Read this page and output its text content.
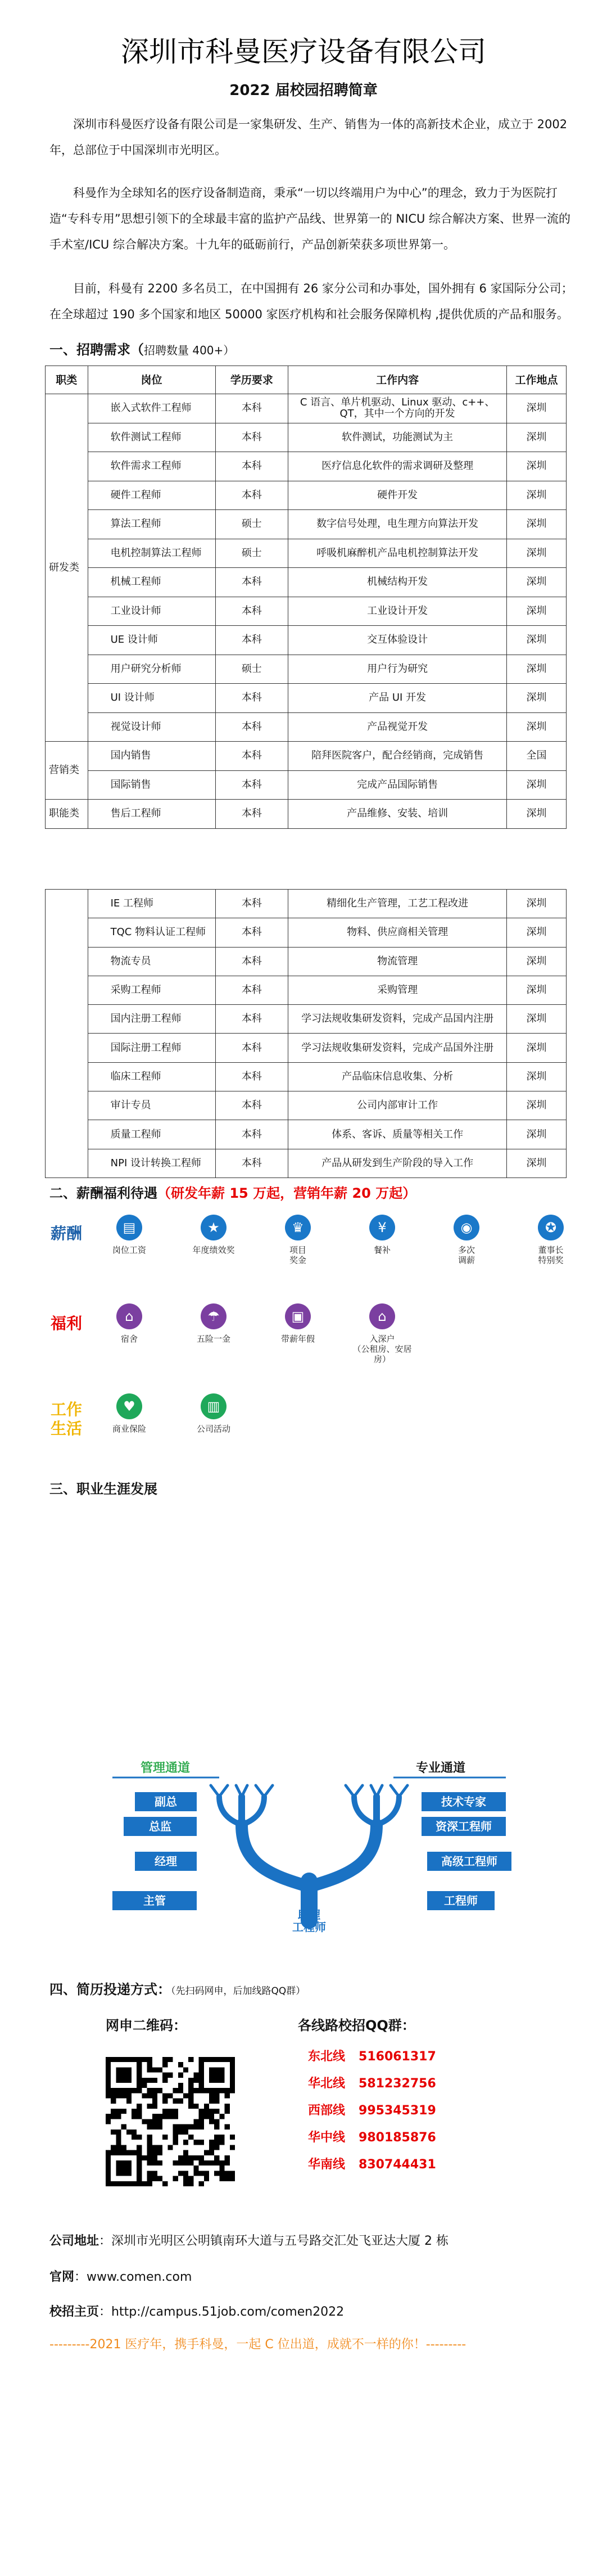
深圳市科曼医疗设备有限公司
2022 届校园招聘简章
深圳市科曼医疗设备有限公司是一家集研发、生产、销售为一体的高新技术企业，成立于 2002 年，总部位于中国深圳市光明区。
科曼作为全球知名的医疗设备制造商，秉承“一切以终端用户为中心”的理念，致力于为医院打造“专科专用”思想引领下的全球最丰富的监护产品线、世界第一的 NICU 综合解决方案、世界一流的手术室/ICU 综合解决方案。十九年的砥砺前行，产品创新荣获多项世界第一。
目前，科曼有 2200 多名员工，在中国拥有 26 家分公司和办事处，国外拥有 6 家国际分公司；在全球超过 190 多个国家和地区 50000 家医疗机构和社会服务保障机构 ,提供优质的产品和服务。
一、招聘需求（招聘数量 400+）
职类	岗位	学历要求	工作内容	工作地点
研发类	嵌入式软件工程师	本科	C 语言、单片机驱动、Linux 驱动、c++、QT，其中一个方向的开发	深圳
	软件测试工程师	本科	软件测试，功能测试为主	深圳
	软件需求工程师	本科	医疗信息化软件的需求调研及整理	深圳
	硬件工程师	本科	硬件开发	深圳
	算法工程师	硕士	数字信号处理，电生理方向算法开发	深圳
	电机控制算法工程师	硕士	呼吸机麻醉机产品电机控制算法开发	深圳
	机械工程师	本科	机械结构开发	深圳
	工业设计师	本科	工业设计开发	深圳
	UE 设计师	本科	交互体验设计	深圳
	用户研究分析师	硕士	用户行为研究	深圳
	UI 设计师	本科	产品 UI 开发	深圳
	视觉设计师	本科	产品视觉开发	深圳
营销类	国内销售	本科	陪拜医院客户，配合经销商，完成销售	全国
	国际销售	本科	完成产品国际销售	深圳
职能类	售后工程师	本科	产品维修、安装、培训	深圳
	IE 工程师	本科	精细化生产管理，工艺工程改进	深圳
	TQC 物料认证工程师	本科	物料、供应商相关管理	深圳
	物流专员	本科	物流管理	深圳
	采购工程师	本科	采购管理	深圳
	国内注册工程师	本科	学习法规收集研发资料，完成产品国内注册	深圳
	国际注册工程师	本科	学习法规收集研发资料，完成产品国外注册	深圳
	临床工程师	本科	产品临床信息收集、分析	深圳
	审计专员	本科	公司内部审计工作	深圳
	质量工程师	本科	体系、客诉、质量等相关工作	深圳
	NPI 设计转换工程师	本科	产品从研发到生产阶段的导入工作	深圳
二、薪酬福利待遇（研发年薪 15 万起，营销年薪 20 万起）
薪酬
福利
工作
生活
三、职业生涯发展
管理通道	专业通道
副总
总监
经理
主管
技术专家
资深工程师
高级工程师
工程师
助理工程师
四、简历投递方式：（先扫码网申，后加线路QQ群）
网申二维码：	各线路校招QQ群：
公司地址：深圳市光明区公明镇南环大道与五号路交汇处飞亚达大厦 2 栋
官网：www.comen.com
校招主页：http://campus.51job.com/comen2022
---------2021 医疗年，携手科曼，一起 C 位出道，成就不一样的你！---------
▤
岗位工资
★
年度绩效奖
♛
项目
奖金
¥
餐补
◉
多次
调薪
✪
董事长
特别奖
⌂
宿舍
☂
五险一金
▣
带薪年假
⌂
入深户
（公租房、安居房）
♥
商业保险
▥
公司活动
东北线 516061317
华北线 581232756
西部线 995345319
华中线 980185876
华南线 830744431
